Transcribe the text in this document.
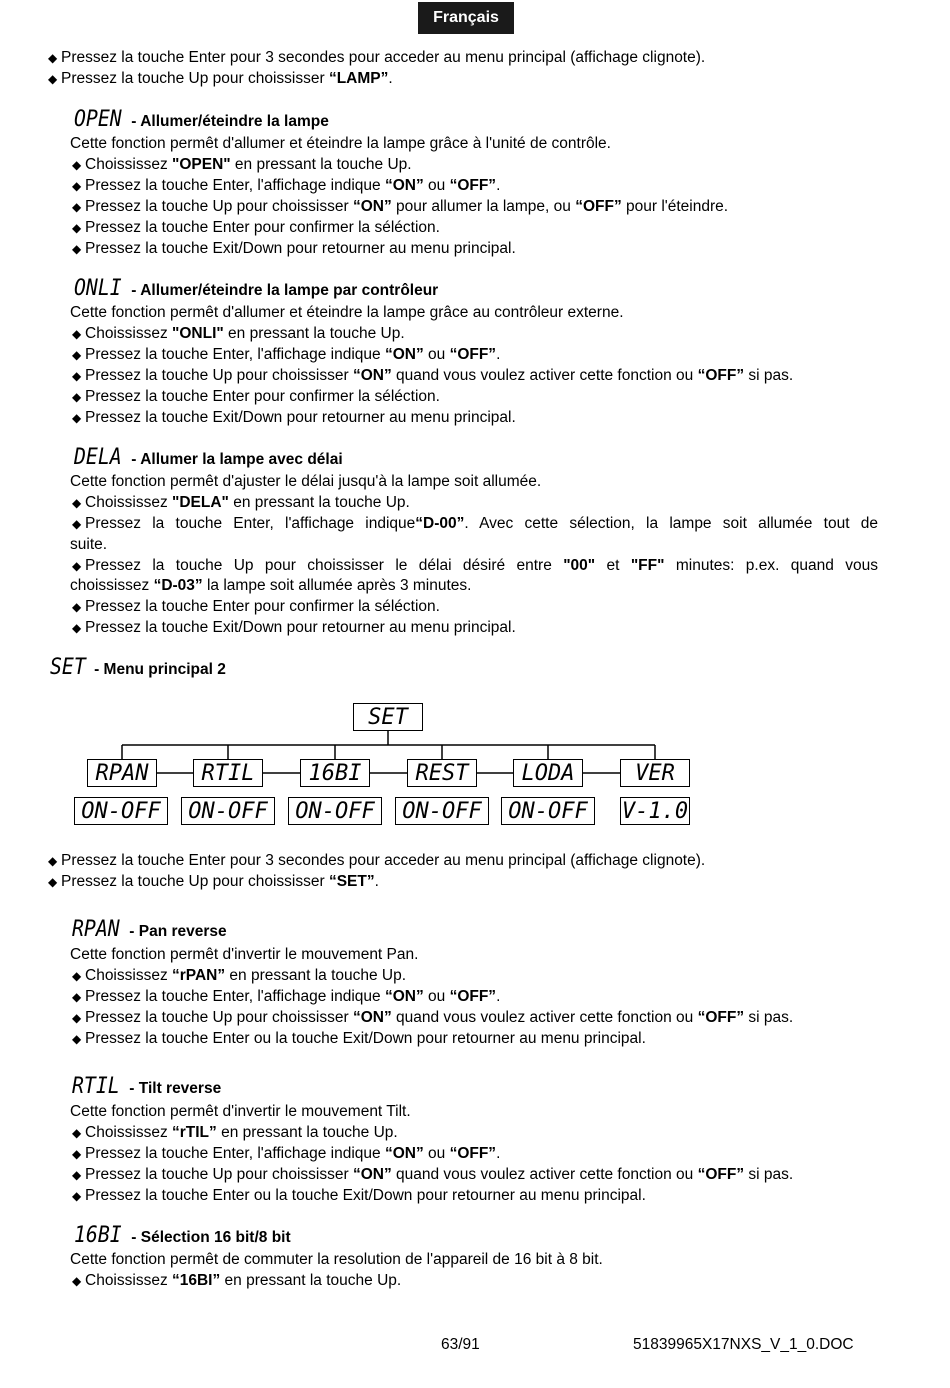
Français
◆ Pressez la touche Enter pour 3 secondes pour acceder au menu principal (affichage clignote).
◆ Pressez la touche Up pour choississer “LAMP”.
OPEN - Allumer/éteindre la lampe
Cette fonction permêt d'allumer et éteindre la lampe grâce à l'unité de contrôle.
◆ Choississez "OPEN" en pressant la touche Up.
◆ Pressez la touche Enter, l'affichage indique “ON” ou “OFF”.
◆ Pressez la touche Up pour choississer “ON” pour allumer la lampe, ou “OFF” pour l'éteindre.
◆ Pressez la touche Enter pour confirmer la séléction.
◆ Pressez la touche Exit/Down pour retourner au menu principal.
ONLI - Allumer/éteindre la lampe par contrôleur
Cette fonction permêt d'allumer et éteindre la lampe grâce au contrôleur externe.
◆ Choississez "ONLI" en pressant la touche Up.
◆ Pressez la touche Enter, l'affichage indique “ON” ou “OFF”.
◆ Pressez la touche Up pour choississer “ON” quand vous voulez activer cette fonction ou “OFF” si pas.
◆ Pressez la touche Enter pour confirmer la séléction.
◆ Pressez la touche Exit/Down pour retourner au menu principal.
DELA - Allumer la lampe avec délai
Cette fonction permêt d'ajuster le délai jusqu'à la lampe soit allumée.
◆ Choississez "DELA" en pressant la touche Up.
◆ Pressez la touche Enter, l'affichage indique“D-00”. Avec cette sélection, la lampe soit allumée tout de
suite.
◆ Pressez la touche Up pour choississer le délai désiré entre "00" et "FF" minutes: p.ex. quand vous
choississez “D-03” la lampe soit allumée après 3 minutes.
◆ Pressez la touche Enter pour confirmer la séléction.
◆ Pressez la touche Exit/Down pour retourner au menu principal.
SET - Menu principal 2
SET
RPAN	RTIL	16BI	REST	LODA	VER
ON-OFF	ON-OFF	ON-OFF	ON-OFF	ON-OFF	V-1.0
◆ Pressez la touche Enter pour 3 secondes pour acceder au menu principal (affichage clignote).
◆ Pressez la touche Up pour choississer “SET”.
RPAN - Pan reverse
Cette fonction permêt d'invertir le mouvement Pan.
◆ Choississez “rPAN” en pressant la touche Up.
◆ Pressez la touche Enter, l'affichage indique “ON” ou “OFF”.
◆ Pressez la touche Up pour choississer “ON” quand vous voulez activer cette fonction ou “OFF” si pas.
◆ Pressez la touche Enter ou la touche Exit/Down pour retourner au menu principal.
RTIL - Tilt reverse
Cette fonction permêt d'invertir le mouvement Tilt.
◆ Choississez “rTIL” en pressant la touche Up.
◆ Pressez la touche Enter, l'affichage indique “ON” ou “OFF”.
◆ Pressez la touche Up pour choississer “ON” quand vous voulez activer cette fonction ou “OFF” si pas.
◆ Pressez la touche Enter ou la touche Exit/Down pour retourner au menu principal.
16BI - Sélection 16 bit/8 bit
Cette fonction permêt de commuter la resolution de l'appareil de 16 bit à 8 bit.
◆ Choississez “16BI” en pressant la touche Up.
63/91	51839965X17NXS_V_1_0.DOC
